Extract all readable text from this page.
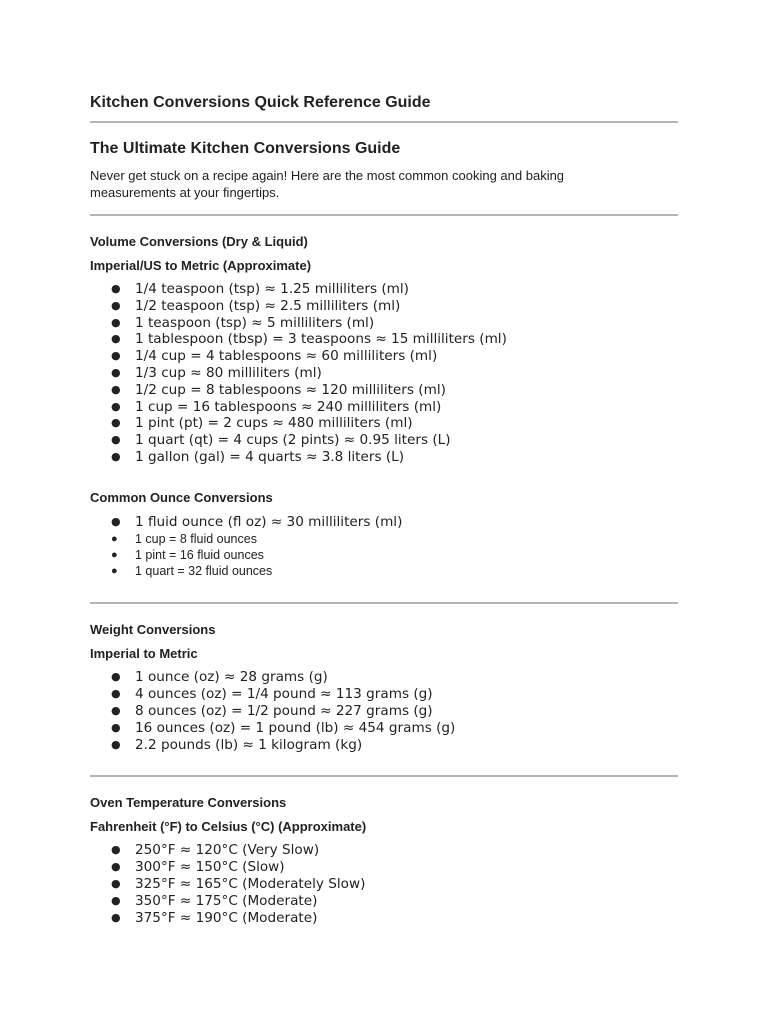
Kitchen Conversions Quick Reference Guide
The Ultimate Kitchen Conversions Guide

Never get stuck on a recipe again! Here are the most common cooking and baking
measurements at your fingertips.

Volume Conversions (Dry & Liquid)
Imperial/US to Metric (Approximate)
● 1/4 teaspoon (tsp) ≈ 1.25 milliliters (ml)
● 1/2 teaspoon (tsp) ≈ 2.5 milliliters (ml)
● 1 teaspoon (tsp) ≈ 5 milliliters (ml)
● 1 tablespoon (tbsp) = 3 teaspoons ≈ 15 milliliters (ml)
● 1/4 cup = 4 tablespoons ≈ 60 milliliters (ml)
● 1/3 cup ≈ 80 milliliters (ml)
● 1/2 cup = 8 tablespoons ≈ 120 milliliters (ml)
● 1 cup = 16 tablespoons ≈ 240 milliliters (ml)
● 1 pint (pt) = 2 cups ≈ 480 milliliters (ml)
● 1 quart (qt) = 4 cups (2 pints) ≈ 0.95 liters (L)
● 1 gallon (gal) = 4 quarts ≈ 3.8 liters (L)
Common Ounce Conversions
● 1 fluid ounce (fl oz) ≈ 30 milliliters (ml)
● 1 cup = 8 fluid ounces
● 1 pint = 16 fluid ounces
● 1 quart = 32 fluid ounces
Weight Conversions
Imperial to Metric
● 1 ounce (oz) ≈ 28 grams (g)
● 4 ounces (oz) = 1/4 pound ≈ 113 grams (g)
● 8 ounces (oz) = 1/2 pound ≈ 227 grams (g)
● 16 ounces (oz) = 1 pound (lb) ≈ 454 grams (g)
● 2.2 pounds (lb) ≈ 1 kilogram (kg)
Oven Temperature Conversions
Fahrenheit (°F) to Celsius (°C) (Approximate)
● 250°F ≈ 120°C (Very Slow)
● 300°F ≈ 150°C (Slow)
● 325°F ≈ 165°C (Moderately Slow)
● 350°F ≈ 175°C (Moderate)
● 375°F ≈ 190°C (Moderate)
